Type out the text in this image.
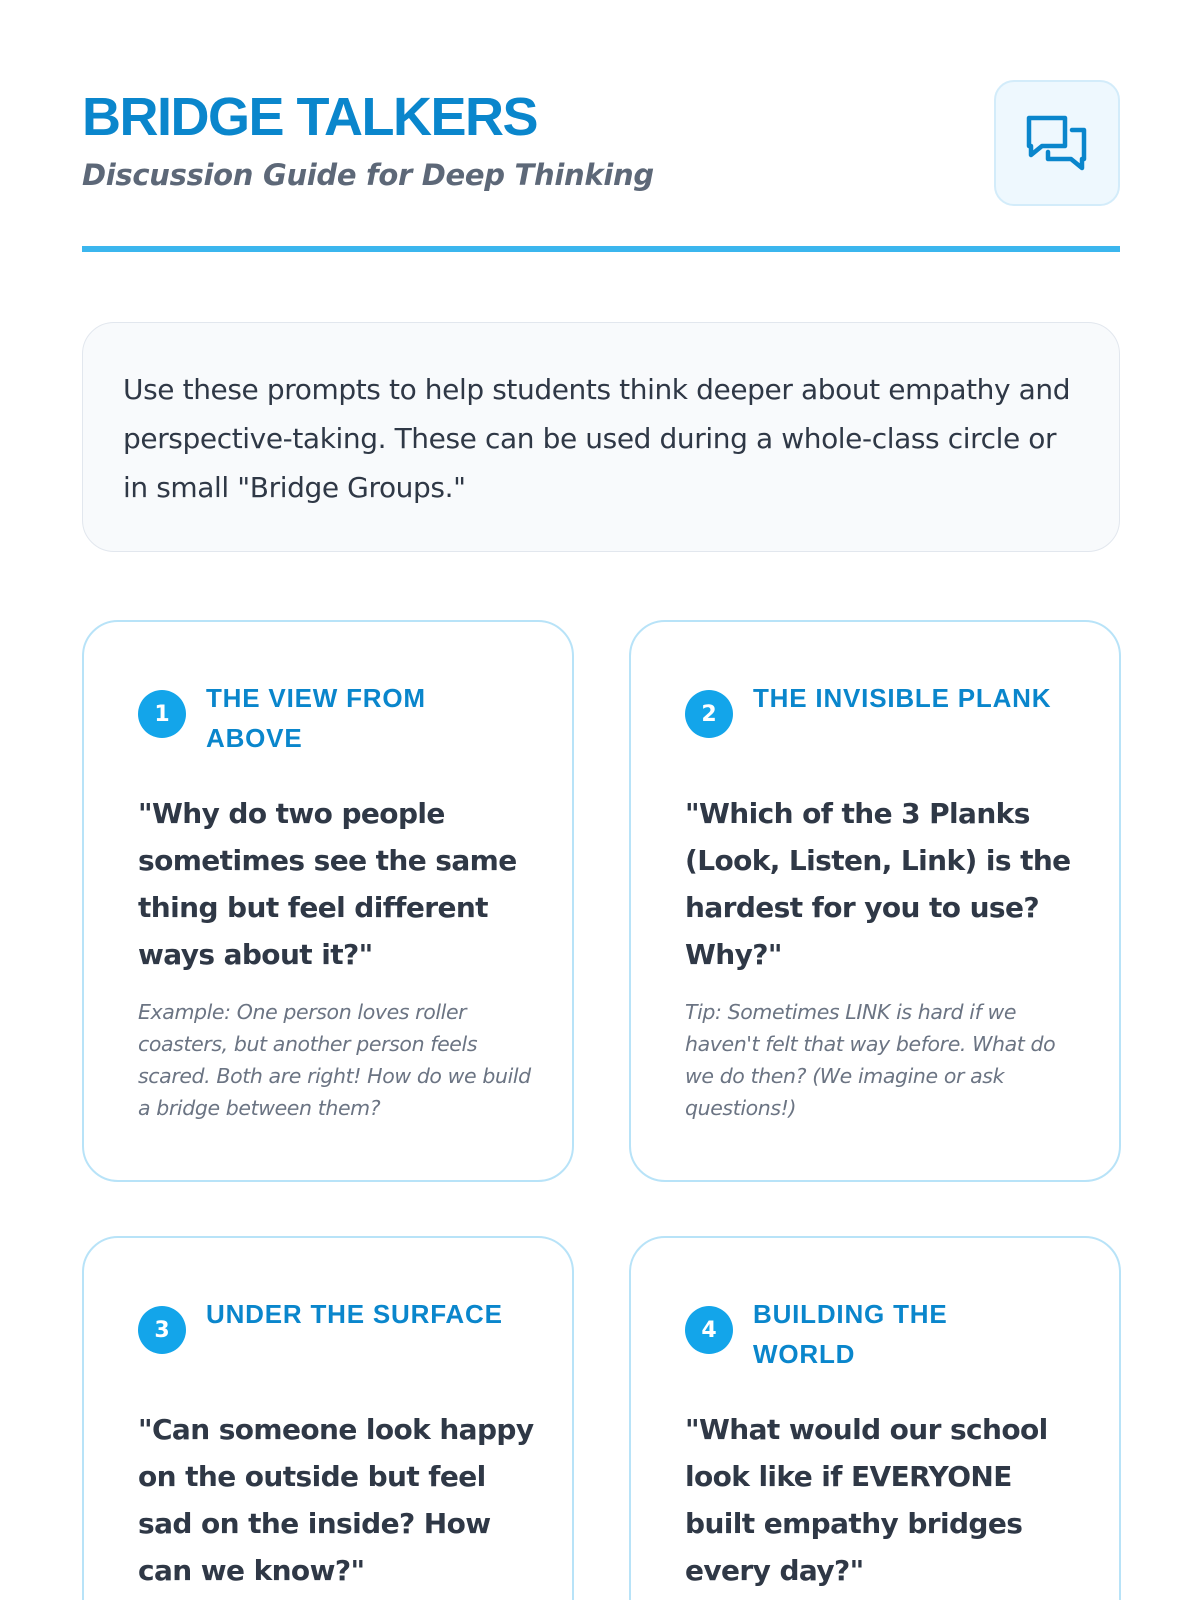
BRIDGE TALKERS
Discussion Guide for Deep Thinking

Use these prompts to help students think deeper about empathy and perspective-taking. These can be used during a whole-class circle or in small "Bridge Groups."

1
THE VIEW FROM ABOVE
"Why do two people sometimes see the same thing but feel different ways about it?"
Example: One person loves roller coasters, but another person feels scared. Both are right! How do we build a bridge between them?
2
THE INVISIBLE PLANK
"Which of the 3 Planks (Look, Listen, Link) is the hardest for you to use? Why?"
Tip: Sometimes LINK is hard if we haven't felt that way before. What do we do then? (We imagine or ask questions!)
3
UNDER THE SURFACE
"Can someone look happy on the outside but feel sad on the inside? How can we know?"
4
BUILDING THE WORLD
"What would our school look like if EVERYONE built empathy bridges every day?"
